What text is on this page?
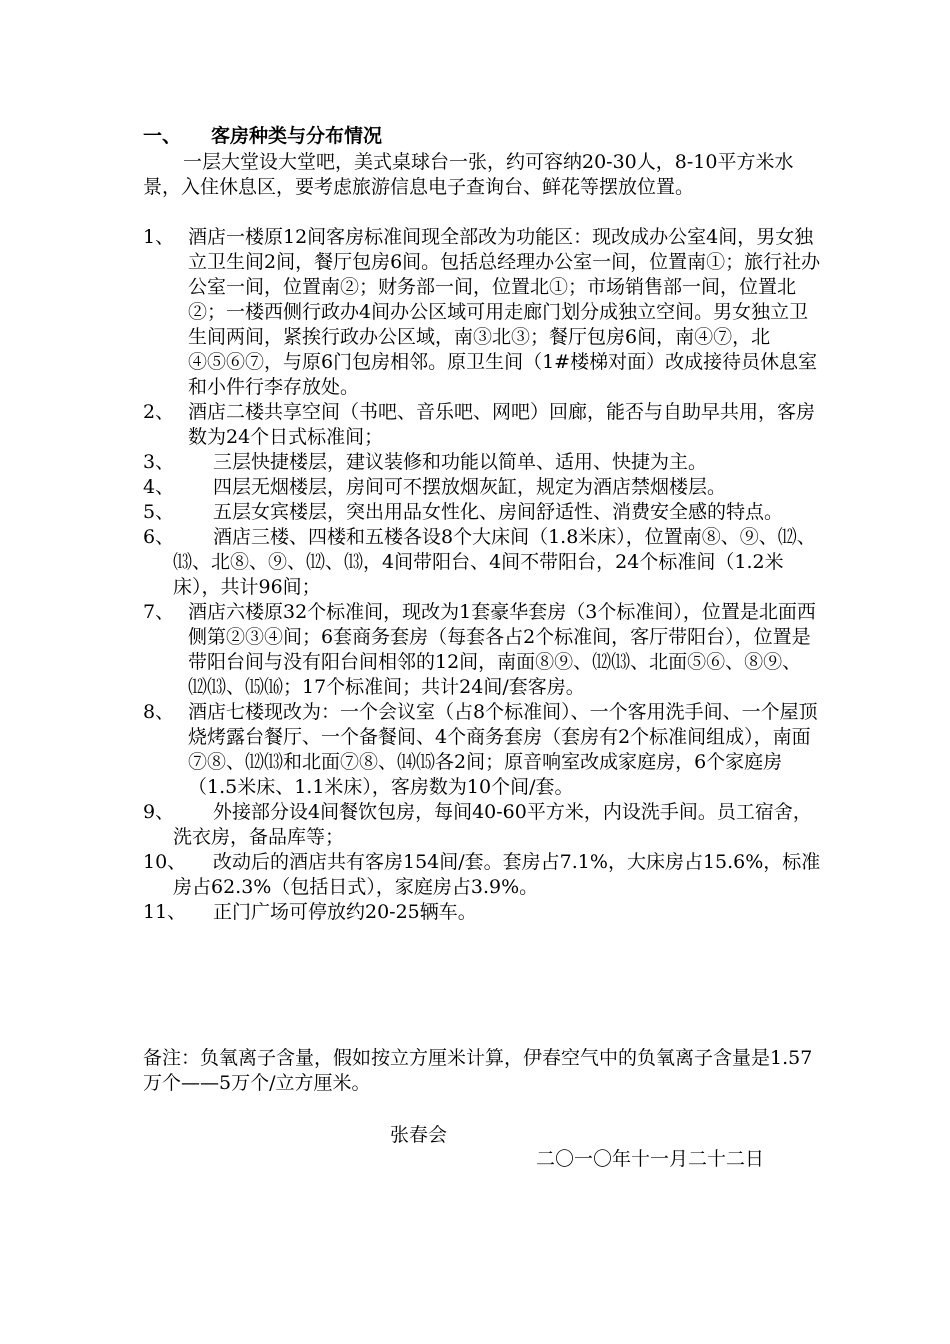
一、 客房种类与分布情况
一层大堂设大堂吧，美式桌球台一张，约可容纳20-30人，8-10平方米水景，入住休息区，要考虑旅游信息电子查询台、鲜花等摆放位置。
1、 酒店一楼原12间客房标准间现全部改为功能区：现改成办公室4间，男女独立卫生间2间，餐厅包房6间。包括总经理办公室一间，位置南①；旅行社办公室一间，位置南②；财务部一间，位置北①；市场销售部一间，位置北②；一楼西侧行政办4间办公区域可用走廊门划分成独立空间。男女独立卫生间两间，紧挨行政办公区域，南③北③；餐厅包房6间，南④⑦，北④⑤⑥⑦，与原6门包房相邻。原卫生间（1#楼梯对面）改成接待员休息室和小件行李存放处。
2、 酒店二楼共享空间（书吧、音乐吧、网吧）回廊，能否与自助早共用，客房数为24个日式标准间；
3、	三层快捷楼层，建议装修和功能以简单、适用、快捷为主。
4、	四层无烟楼层，房间可不摆放烟灰缸，规定为酒店禁烟楼层。
5、	五层女宾楼层，突出用品女性化、房间舒适性、消费安全感的特点。
6、	酒店三楼、四楼和五楼各设8个大床间（1.8米床），位置南⑧、⑨、⑿、⒀、北⑧、⑨、⑿、⒀，4间带阳台、4间不带阳台，24个标准间（1.2米床），共计96间；
7、 酒店六楼原32个标准间，现改为1套豪华套房（3个标准间），位置是北面西侧第②③④间；6套商务套房（每套各占2个标准间，客厅带阳台），位置是带阳台间与没有阳台间相邻的12间，南面⑧⑨、⑿⒀、北面⑤⑥、⑧⑨、⑿⒀、⒂⒃；17个标准间；共计24间/套客房。
8、 酒店七楼现改为：一个会议室（占8个标准间）、一个客用洗手间、一个屋顶烧烤露台餐厅、一个备餐间、4个商务套房（套房有2个标准间组成），南面⑦⑧、⑿⒀和北面⑦⑧、⒁⒂各2间；原音响室改成家庭房，6个家庭房（1.5米床、1.1米床），客房数为10个间/套。
9、	外接部分设4间餐饮包房，每间40-60平方米，内设洗手间。员工宿舍，洗衣房，备品库等；
10、	改动后的酒店共有客房154间/套。套房占7.1%，大床房占15.6%，标准房占62.3%（包括日式），家庭房占3.9%。
11、	正门广场可停放约20-25辆车。
备注：负氧离子含量，假如按立方厘米计算，伊春空气中的负氧离子含量是1.57万个——5万个/立方厘米。
张春会
二〇一〇年十一月二十二日
